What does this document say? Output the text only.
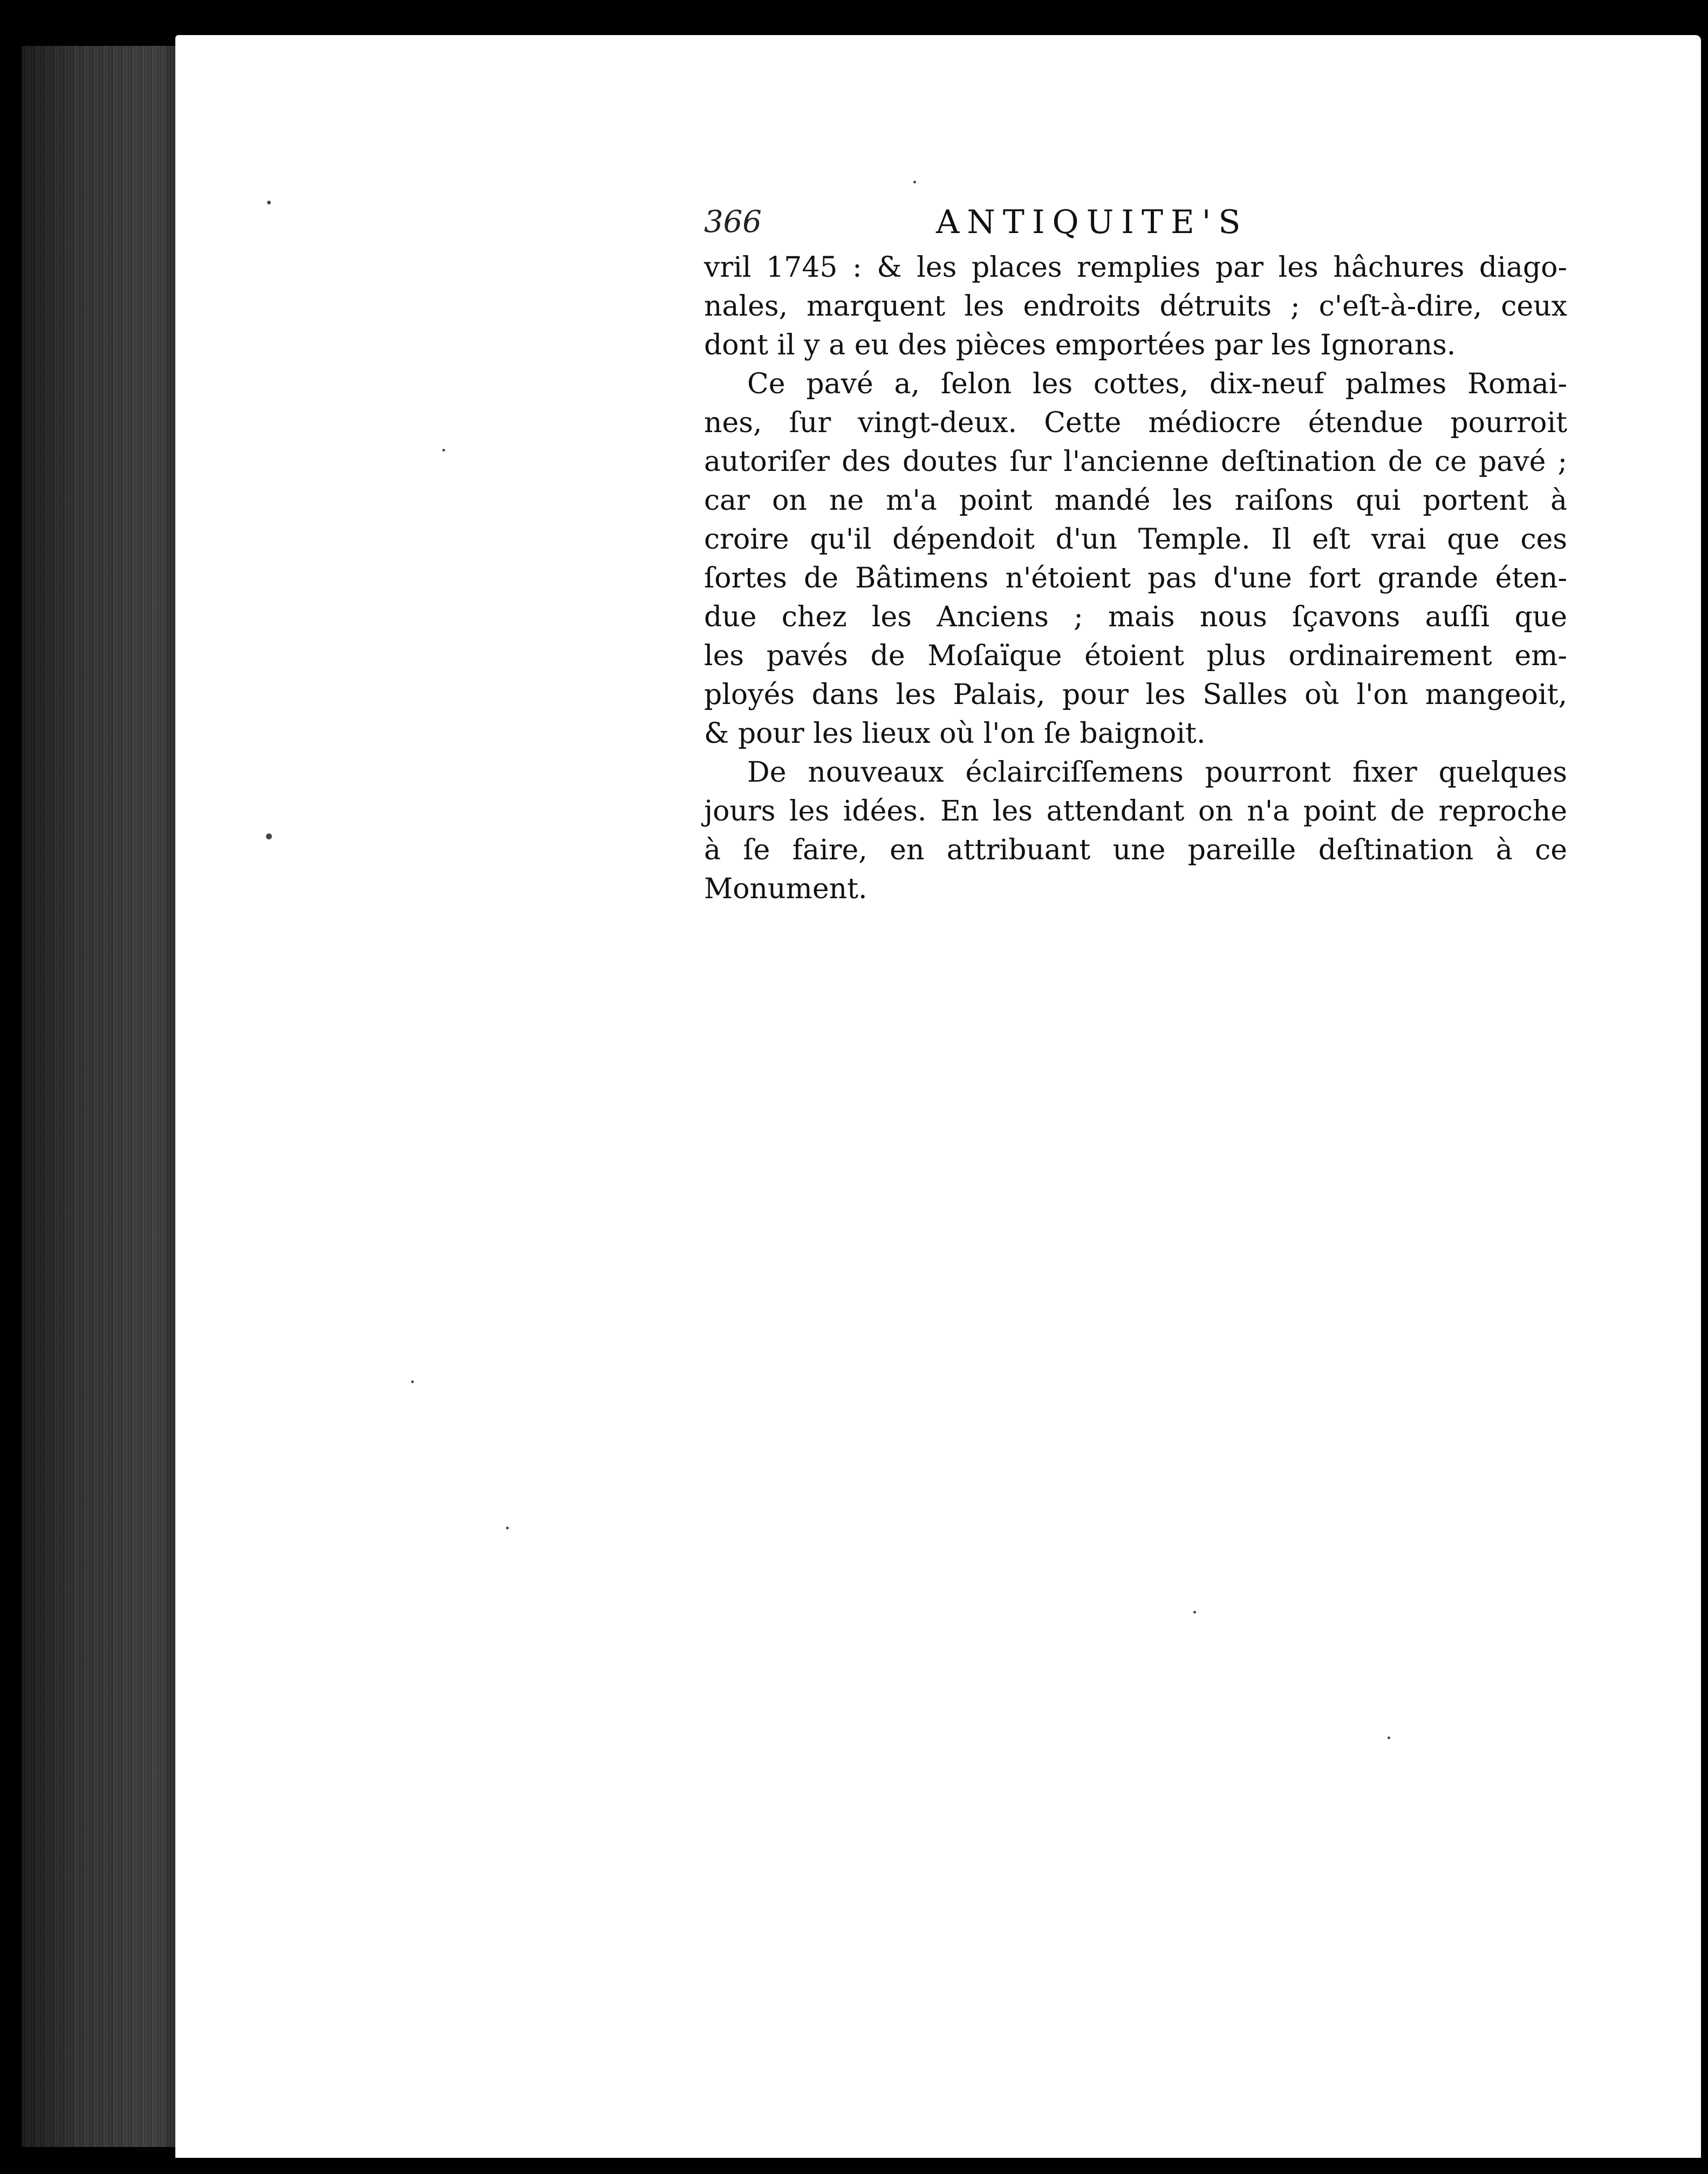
366	ANTIQUITE'S
vril 1745 : & les places remplies par les hâchures diago-
nales, marquent les endroits détruits ; c'eſt-à-dire, ceux
dont il y a eu des pièces emportées par les Ignorans.
Ce pavé a, ſelon les cottes, dix-neuf palmes Romai-
nes, ſur vingt-deux. Cette médiocre étendue pourroit
autoriſer des doutes ſur l'ancienne deſtination de ce pavé ;
car on ne m'a point mandé les raiſons qui portent à
croire qu'il dépendoit d'un Temple. Il eſt vrai que ces
ſortes de Bâtimens n'étoient pas d'une fort grande éten-
due chez les Anciens ; mais nous ſçavons auſſi que
les pavés de Moſaïque étoient plus ordinairement em-
ployés dans les Palais, pour les Salles où l'on mangeoit,
& pour les lieux où l'on ſe baignoit.
De nouveaux éclairciſſemens pourront fixer quelques
jours les idées. En les attendant on n'a point de reproche
à ſe faire, en attribuant une pareille deſtination à ce
Monument.
